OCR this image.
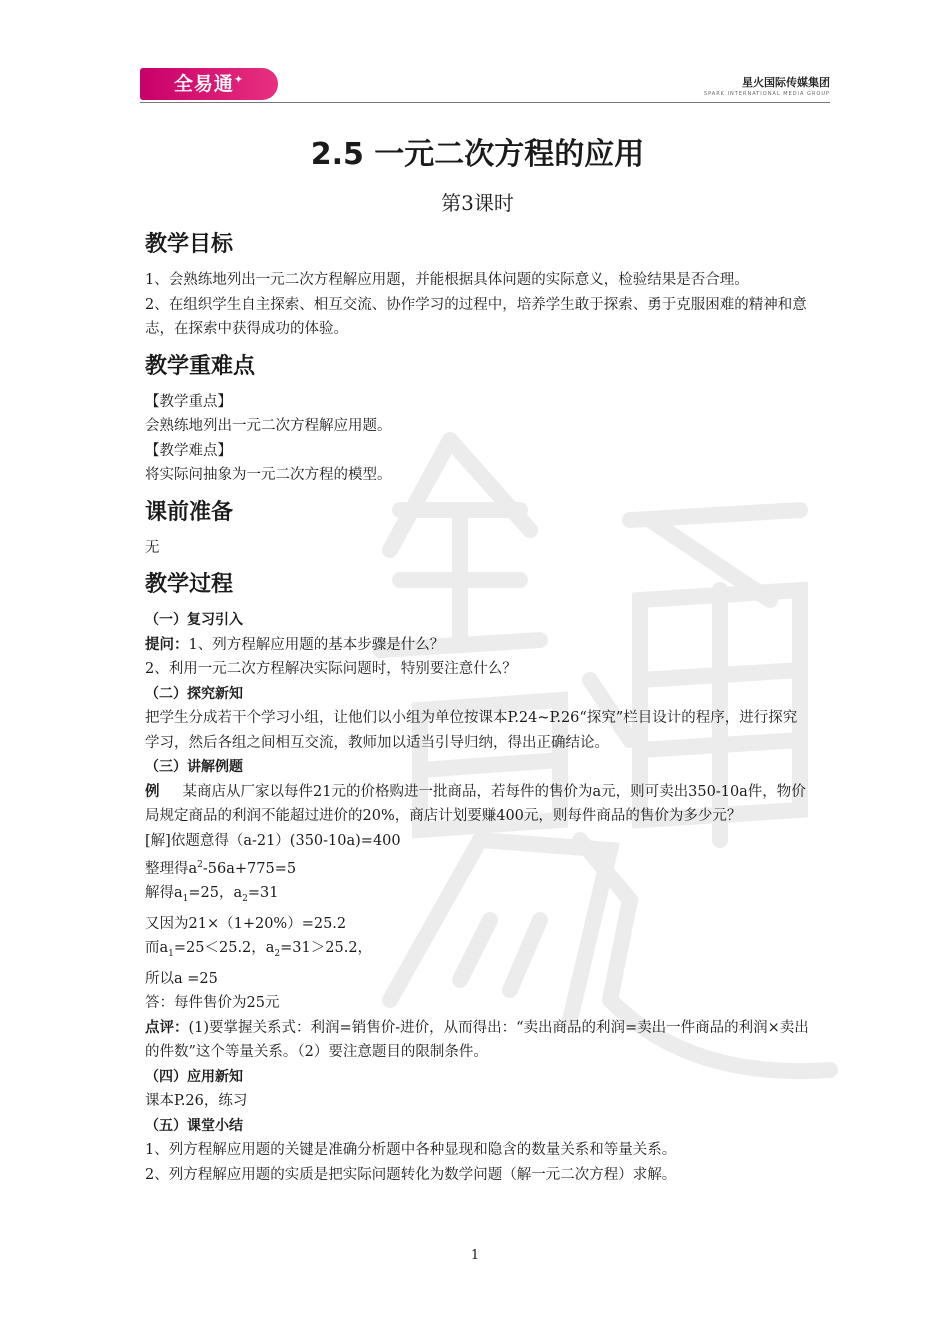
全易通✦	星火国际传媒集团
SPARK INTERNATIONAL MEDIA GROUP
2.5 一元二次方程的应用
第3课时
教学目标

1、会熟练地列出一元二次方程解应用题，并能根据具体问题的实际意义，检验结果是否合理。

2、在组织学生自主探索、相互交流、协作学习的过程中，培养学生敢于探索、勇于克服困难的精神和意志，在探索中获得成功的体验。

教学重难点

【教学重点】

会熟练地列出一元二次方程解应用题。

【教学难点】

将实际问抽象为一元二次方程的模型。

课前准备

无

教学过程

（一）复习引入

提问：1、列方程解应用题的基本步骤是什么？

2、利用一元二次方程解决实际问题时，特别要注意什么？

（二）探究新知

把学生分成若干个学习小组，让他们以小组为单位按课本P.24~P.26“探究”栏目设计的程序，进行探究学习，然后各组之间相互交流，教师加以适当引导归纳，得出正确结论。

（三）讲解例题

例 某商店从厂家以每件21元的价格购进一批商品，若每件的售价为a元，则可卖出350-10a件，物价局规定商品的利润不能超过进价的20%，商店计划要赚400元，则每件商品的售价为多少元？

[解]依题意得（a-21）(350-10a)=400

整理得$a^2-56a+775=5$

解得$a_1=25$，$a_2=31$

又因为21×（1+20%）=25.2

而$a_1=25<25.2$，$a_2=31>25.2$，

所以a =25

答：每件售价为25元

点评：(1)要掌握关系式：利润=销售价-进价，从而得出：“卖出商品的利润=卖出一件商品的利润×卖出的件数”这个等量关系。（2）要注意题目的限制条件。

（四）应用新知

课本P.26，练习

（五）课堂小结

1、列方程解应用题的关键是准确分析题中各种显现和隐含的数量关系和等量关系。

2、列方程解应用题的实质是把实际问题转化为数学问题（解一元二次方程）求解。

1
